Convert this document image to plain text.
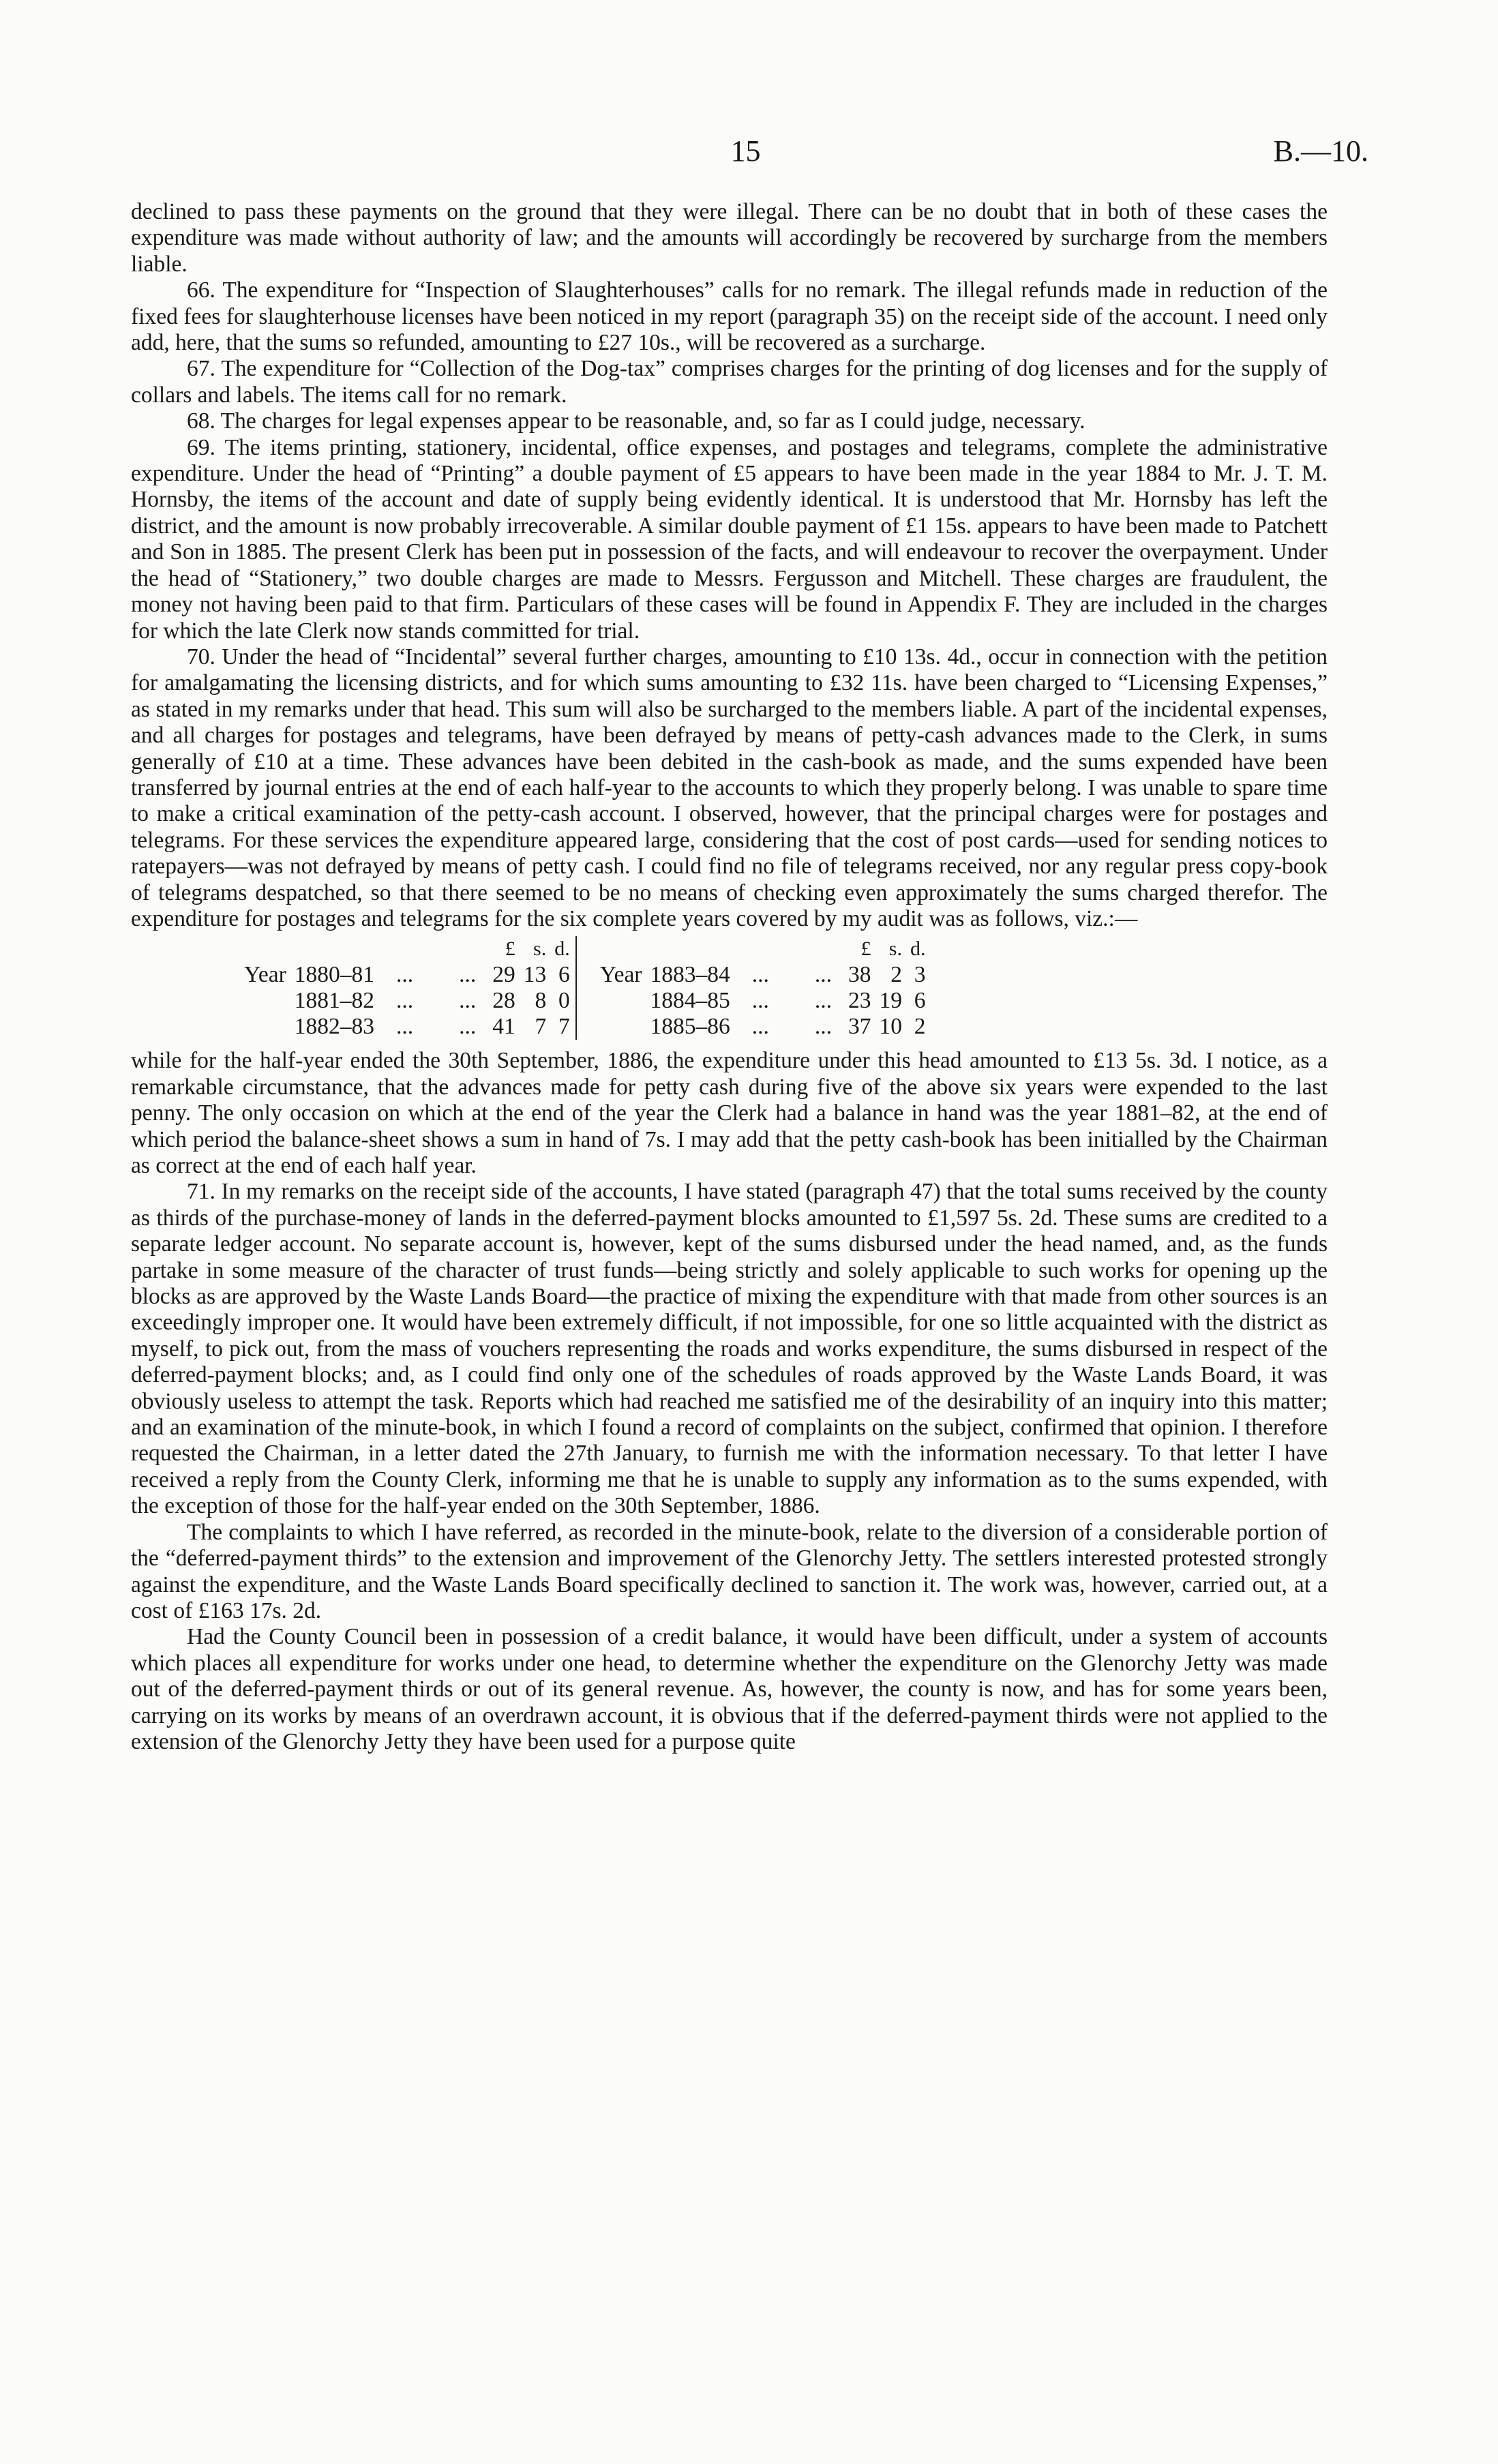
15	B.—10.

declined to pass these payments on the ground that they were illegal. There can be no doubt that in both of these cases the expenditure was made without authority of law; and the amounts will accordingly be recovered by surcharge from the members liable.

66. The expenditure for “Inspection of Slaughterhouses” calls for no remark. The illegal refunds made in reduction of the fixed fees for slaughterhouse licenses have been noticed in my report (paragraph 35) on the receipt side of the account. I need only add, here, that the sums so refunded, amounting to £27 10s., will be recovered as a surcharge.

67. The expenditure for “Collection of the Dog-tax” comprises charges for the printing of dog licenses and for the supply of collars and labels. The items call for no remark.

68. The charges for legal expenses appear to be reasonable, and, so far as I could judge, necessary.

69. The items printing, stationery, incidental, office expenses, and postages and telegrams, complete the administrative expenditure. Under the head of “Printing” a double payment of £5 appears to have been made in the year 1884 to Mr. J. T. M. Hornsby, the items of the account and date of supply being evidently identical. It is understood that Mr. Hornsby has left the district, and the amount is now probably irrecoverable. A similar double payment of £1 15s. appears to have been made to Patchett and Son in 1885. The present Clerk has been put in possession of the facts, and will endeavour to recover the overpayment. Under the head of “Stationery,” two double charges are made to Messrs. Fergusson and Mitchell. These charges are fraudulent, the money not having been paid to that firm. Particulars of these cases will be found in Appendix F. They are included in the charges for which the late Clerk now stands committed for trial.

70. Under the head of “Incidental” several further charges, amounting to £10 13s. 4d., occur in connection with the petition for amalgamating the licensing districts, and for which sums amounting to £32 11s. have been charged to “Licensing Expenses,” as stated in my remarks under that head. This sum will also be surcharged to the members liable. A part of the incidental expenses, and all charges for postages and telegrams, have been defrayed by means of petty-cash advances made to the Clerk, in sums generally of £10 at a time. These advances have been debited in the cash-book as made, and the sums expended have been transferred by journal entries at the end of each half-year to the accounts to which they properly belong. I was unable to spare time to make a critical examination of the petty-cash account. I observed, however, that the principal charges were for postages and telegrams. For these services the expenditure appeared large, considering that the cost of post cards—used for sending notices to ratepayers—was not defrayed by means of petty cash. I could find no file of telegrams received, nor any regular press copy-book of telegrams despatched, so that there seemed to be no means of checking even approximately the sums charged therefor. The expenditure for postages and telegrams for the six complete years covered by my audit was as follows, viz.:—

			£	s.	d.					£	s.	d.
Year	1880–81	... ...	29	13	6		Year	1883–84	... ...	38	2	3
	1881–82	... ...	28	8	0			1884–85	... ...	23	19	6
	1882–83	... ...	41	7	7			1885–86	... ...	37	10	2

while for the half-year ended the 30th September, 1886, the expenditure under this head amounted to £13 5s. 3d. I notice, as a remarkable circumstance, that the advances made for petty cash during five of the above six years were expended to the last penny. The only occasion on which at the end of the year the Clerk had a balance in hand was the year 1881–82, at the end of which period the balance-sheet shows a sum in hand of 7s. I may add that the petty cash-book has been initialled by the Chairman as correct at the end of each half year.

71. In my remarks on the receipt side of the accounts, I have stated (paragraph 47) that the total sums received by the county as thirds of the purchase-money of lands in the deferred-payment blocks amounted to £1,597 5s. 2d. These sums are credited to a separate ledger account. No separate account is, however, kept of the sums disbursed under the head named, and, as the funds partake in some measure of the character of trust funds—being strictly and solely applicable to such works for opening up the blocks as are approved by the Waste Lands Board—the practice of mixing the expenditure with that made from other sources is an exceedingly improper one. It would have been extremely difficult, if not impossible, for one so little acquainted with the district as myself, to pick out, from the mass of vouchers representing the roads and works expenditure, the sums disbursed in respect of the deferred-payment blocks; and, as I could find only one of the schedules of roads approved by the Waste Lands Board, it was obviously useless to attempt the task. Reports which had reached me satisfied me of the desirability of an inquiry into this matter; and an examination of the minute-book, in which I found a record of complaints on the subject, confirmed that opinion. I therefore requested the Chairman, in a letter dated the 27th January, to furnish me with the information necessary. To that letter I have received a reply from the County Clerk, informing me that he is unable to supply any information as to the sums expended, with the exception of those for the half-year ended on the 30th September, 1886.

The complaints to which I have referred, as recorded in the minute-book, relate to the diversion of a considerable portion of the “deferred-payment thirds” to the extension and improvement of the Glenorchy Jetty. The settlers interested protested strongly against the expenditure, and the Waste Lands Board specifically declined to sanction it. The work was, however, carried out, at a cost of £163 17s. 2d.

Had the County Council been in possession of a credit balance, it would have been difficult, under a system of accounts which places all expenditure for works under one head, to determine whether the expenditure on the Glenorchy Jetty was made out of the deferred-payment thirds or out of its general revenue. As, however, the county is now, and has for some years been, carrying on its works by means of an overdrawn account, it is obvious that if the deferred-payment thirds were not applied to the extension of the Glenorchy Jetty they have been used for a purpose quite
